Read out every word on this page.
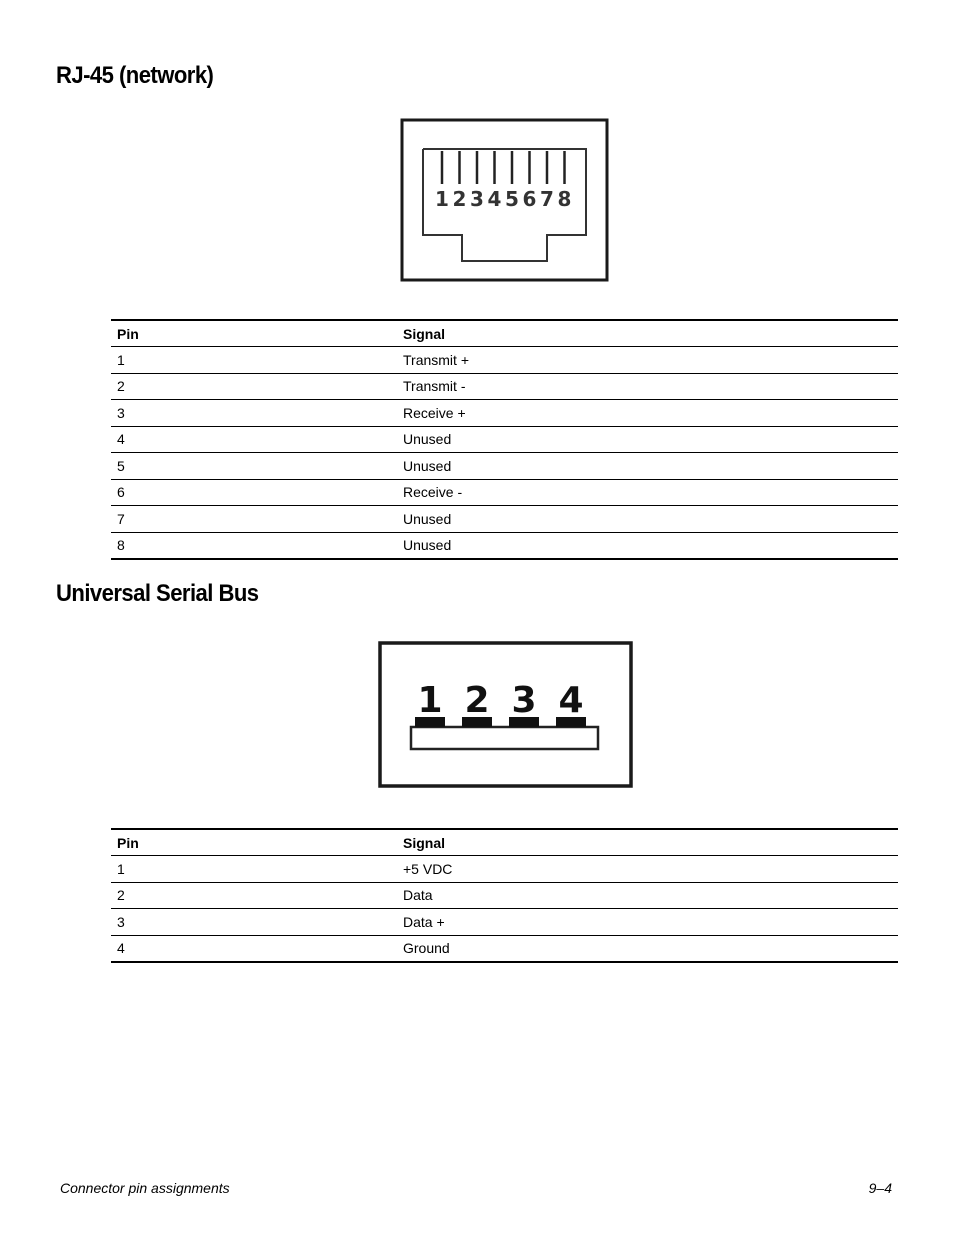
RJ-45 (network)
1 2 3 4 5 6 7 8
Pin	Signal
1	Transmit +
2	Transmit -
3	Receive +
4	Unused
5	Unused
6	Receive -
7	Unused
8	Unused
Universal Serial Bus
1 2 3 4
Pin	Signal
1	+5 VDC
2	Data
3	Data +
4	Ground
Connector pin assignments	9–4
